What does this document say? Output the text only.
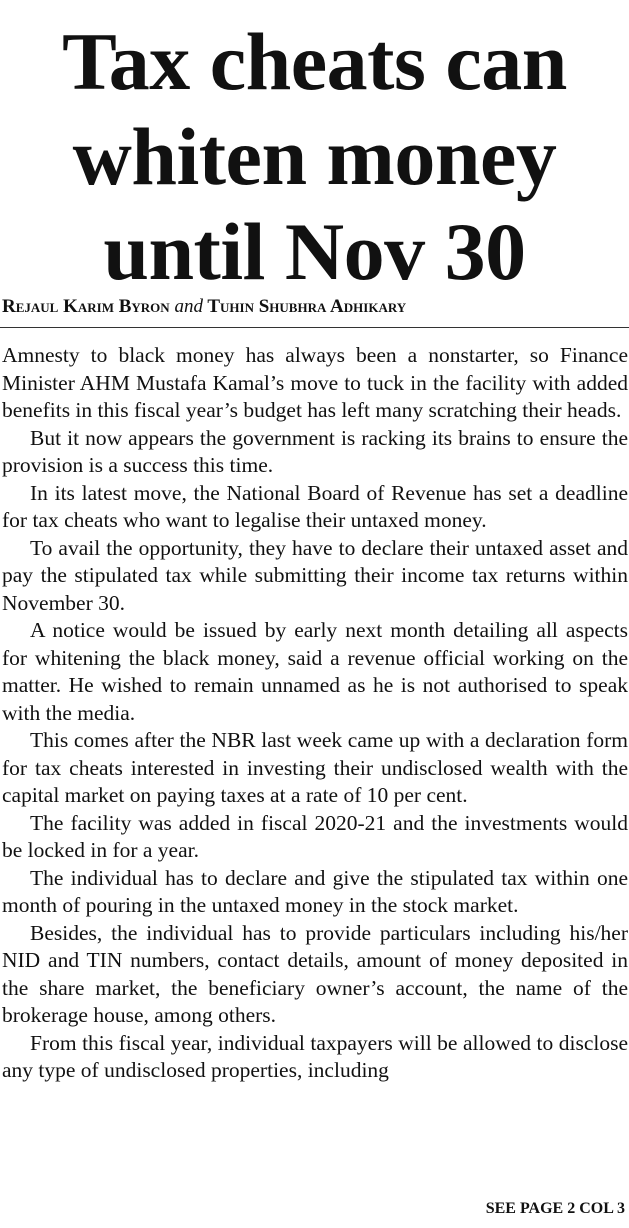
Tax cheats can whiten money until Nov 30
Rejaul Karim Byron and Tuhin Shubhra Adhikary

Amnesty to black money has always been a nonstarter, so Finance Minister AHM Mustafa Kamal’s move to tuck in the facility with added benefits in this fiscal year’s budget has left many scratching their heads.

But it now appears the government is racking its brains to ensure the provision is a success this time.

In its latest move, the National Board of Revenue has set a deadline for tax cheats who want to legalise their untaxed money.

To avail the opportunity, they have to declare their untaxed asset and pay the stipulated tax while submitting their income tax returns within November 30.

A notice would be issued by early next month detailing all aspects for whitening the black money, said a revenue official working on the matter. He wished to remain unnamed as he is not authorised to speak with the media.

This comes after the NBR last week came up with a declaration form for tax cheats interested in investing their undisclosed wealth with the capital market on paying taxes at a rate of 10 per cent.

The facility was added in fiscal 2020-21 and the investments would be locked in for a year.

The individual has to declare and give the stipulated tax within one month of pouring in the untaxed money in the stock market.

Besides, the individual has to provide particulars including his/her NID and TIN numbers, contact details, amount of money deposited in the share market, the beneficiary owner’s account, the name of the brokerage house, among others.

From this fiscal year, individual taxpayers will be allowed to disclose any type of undisclosed properties, including

SEE PAGE 2 COL 3
